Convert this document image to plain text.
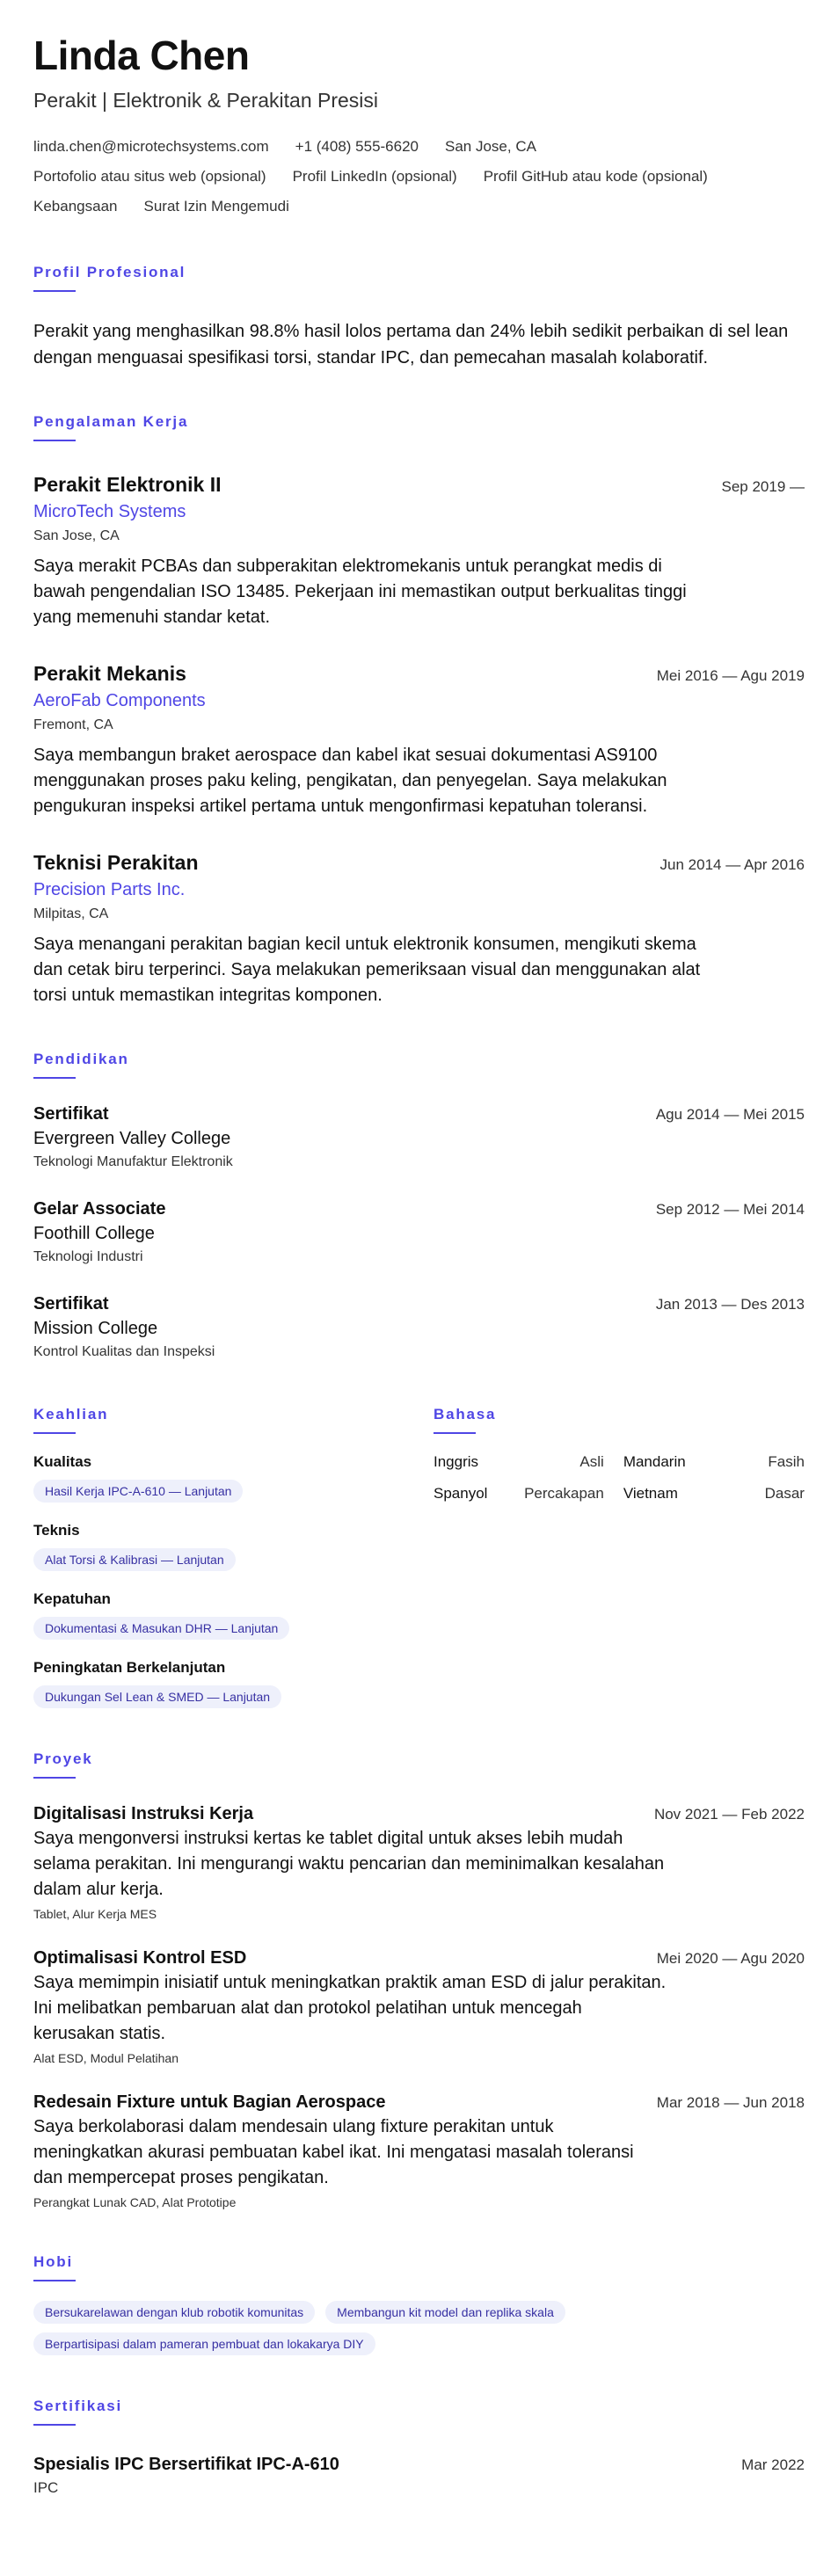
Linda Chen
Perakit | Elektronik & Perakitan Presisi
linda.chen@microtechsystems.com +1 (408) 555-6620 San Jose, CA
Portofolio atau situs web (opsional) Profil LinkedIn (opsional) Profil GitHub atau kode (opsional)
Kebangsaan Surat Izin Mengemudi
Profil Profesional
Perakit yang menghasilkan 98.8% hasil lolos pertama dan 24% lebih sedikit perbaikan di sel lean dengan menguasai spesifikasi torsi, standar IPC, dan pemecahan masalah kolaboratif.
Pengalaman Kerja
Perakit Elektronik II	Sep 2019 —
MicroTech Systems
San Jose, CA
Saya merakit PCBAs dan subperakitan elektromekanis untuk perangkat medis di bawah pengendalian ISO 13485. Pekerjaan ini memastikan output berkualitas tinggi yang memenuhi standar ketat.
Perakit Mekanis	Mei 2016 — Agu 2019
AeroFab Components
Fremont, CA
Saya membangun braket aerospace dan kabel ikat sesuai dokumentasi AS9100 menggunakan proses paku keling, pengikatan, dan penyegelan. Saya melakukan pengukuran inspeksi artikel pertama untuk mengonfirmasi kepatuhan toleransi.
Teknisi Perakitan	Jun 2014 — Apr 2016
Precision Parts Inc.
Milpitas, CA
Saya menangani perakitan bagian kecil untuk elektronik konsumen, mengikuti skema dan cetak biru terperinci. Saya melakukan pemeriksaan visual dan menggunakan alat torsi untuk memastikan integritas komponen.
Pendidikan
Sertifikat	Agu 2014 — Mei 2015
Evergreen Valley College
Teknologi Manufaktur Elektronik
Gelar Associate	Sep 2012 — Mei 2014
Foothill College
Teknologi Industri
Sertifikat	Jan 2013 — Des 2013
Mission College
Kontrol Kualitas dan Inspeksi
Keahlian
Kualitas
Hasil Kerja IPC-A-610 — Lanjutan
Teknis
Alat Torsi & Kalibrasi — Lanjutan
Kepatuhan
Dokumentasi & Masukan DHR — Lanjutan
Peningkatan Berkelanjutan
Dukungan Sel Lean & SMED — Lanjutan
Bahasa
Inggris	Asli	Mandarin	Fasih
Spanyol	Percakapan	Vietnam	Dasar
Proyek
Digitalisasi Instruksi Kerja	Nov 2021 — Feb 2022
Saya mengonversi instruksi kertas ke tablet digital untuk akses lebih mudah selama perakitan. Ini mengurangi waktu pencarian dan meminimalkan kesalahan dalam alur kerja.
Tablet, Alur Kerja MES
Optimalisasi Kontrol ESD	Mei 2020 — Agu 2020
Saya memimpin inisiatif untuk meningkatkan praktik aman ESD di jalur perakitan. Ini melibatkan pembaruan alat dan protokol pelatihan untuk mencegah kerusakan statis.
Alat ESD, Modul Pelatihan
Redesain Fixture untuk Bagian Aerospace	Mar 2018 — Jun 2018
Saya berkolaborasi dalam mendesain ulang fixture perakitan untuk meningkatkan akurasi pembuatan kabel ikat. Ini mengatasi masalah toleransi dan mempercepat proses pengikatan.
Perangkat Lunak CAD, Alat Prototipe
Hobi
Bersukarelawan dengan klub robotik komunitas	Membangun kit model dan replika skala
Berpartisipasi dalam pameran pembuat dan lokakarya DIY
Sertifikasi
Spesialis IPC Bersertifikat IPC-A-610	Mar 2022
IPC
